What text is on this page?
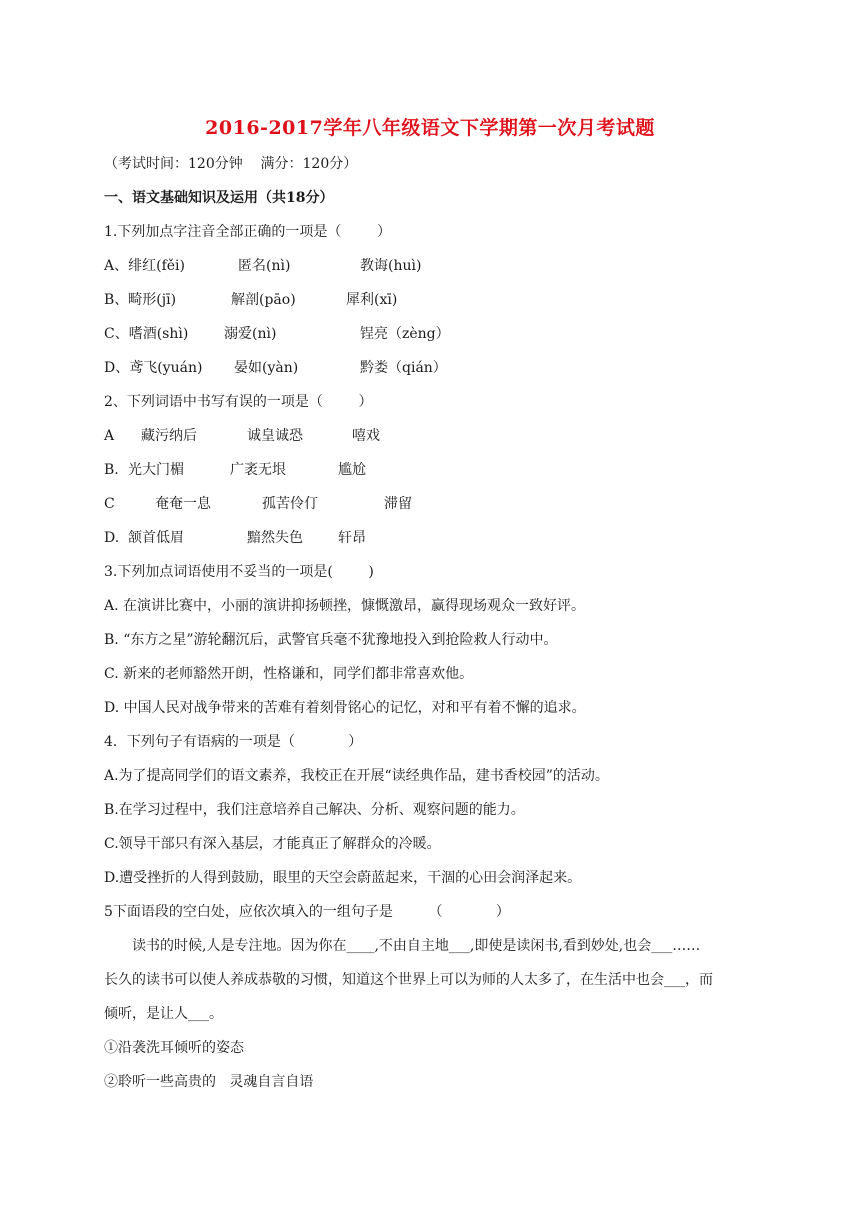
2016-2017学年八年级语文下学期第一次月考试题
（考试时间：120分钟    满分：120分）
一、语文基础知识及运用（共18分）
1.下列加点字注音全部正确的一项是（        ）
A、绯红(fěi)	匿名(nì)	教诲(huì)
B、畸形(jī)	解剖(pāo)	犀利(xī)
C、嗜酒(shì)	溺爱(nì)	锃亮（zèng）
D、鸢飞(yuán) 晏如(yàn)	黔娄（qián）
2、下列词语中书写有误的一项是（        ）
A 藏污纳后	诚皇诚恐	嘻戏
B. 光大门楣	广袤无垠	尴尬
C	奄奄一息	孤苦伶仃	滞留
D. 颔首低眉	黯然失色	轩昂
3.下列加点词语使用不妥当的一项是(        )
A. 在演讲比赛中，小丽的演讲抑扬顿挫，慷慨激昂，赢得现场观众一致好评。
B. “东方之星”游轮翻沉后，武警官兵毫不犹豫地投入到抢险救人行动中。
C. 新来的老师豁然开朗，性格谦和，同学们都非常喜欢他。
D. 中国人民对战争带来的苦难有着刻骨铭心的记忆，对和平有着不懈的追求。
4．下列句子有语病的一项是（            ）
A.为了提高同学们的语文素养，我校正在开展“读经典作品，建书香校园”的活动。
B.在学习过程中，我们注意培养自己解决、分析、观察问题的能力。
C.领导干部只有深入基层，才能真正了解群众的冷暖。
D.遭受挫折的人得到鼓励，眼里的天空会蔚蓝起来，干涸的心田会润泽起来。
5下面语段的空白处，应依次填入的一组句子是        （            ）
读书的时候,人是专注地。因为你在____,不由自主地___,即使是读闲书,看到妙处,也会___……
长久的读书可以使人养成恭敬的习惯，知道这个世界上可以为师的人太多了，在生活中也会___，而
倾听，是让人___。
①沿袭洗耳倾听的姿态
②聆听一些高贵的   灵魂自言自语
